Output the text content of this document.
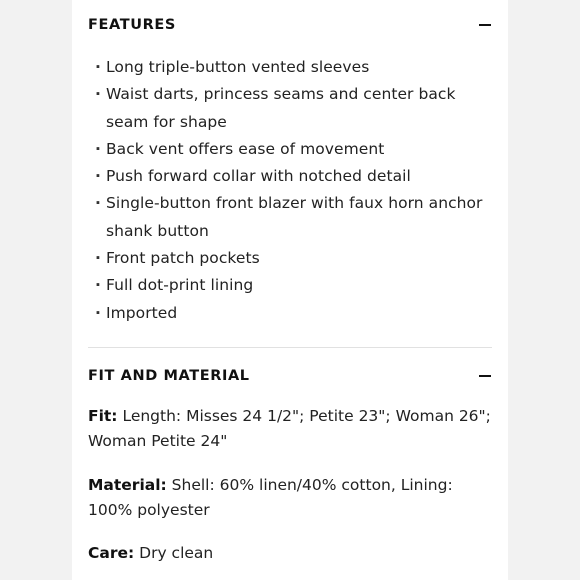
FEATURES
· Long triple-button vented sleeves
· Waist darts, princess seams and center back seam for shape
· Back vent offers ease of movement
· Push forward collar with notched detail
· Single-button front blazer with faux horn anchor shank button
· Front patch pockets
· Full dot-print lining
· Imported
FIT AND MATERIAL
Fit: Length: Misses 24 1/2"; Petite 23"; Woman 26"; Woman Petite 24"
Material: Shell: 60% linen/40% cotton, Lining: 100% polyester
Care: Dry clean
